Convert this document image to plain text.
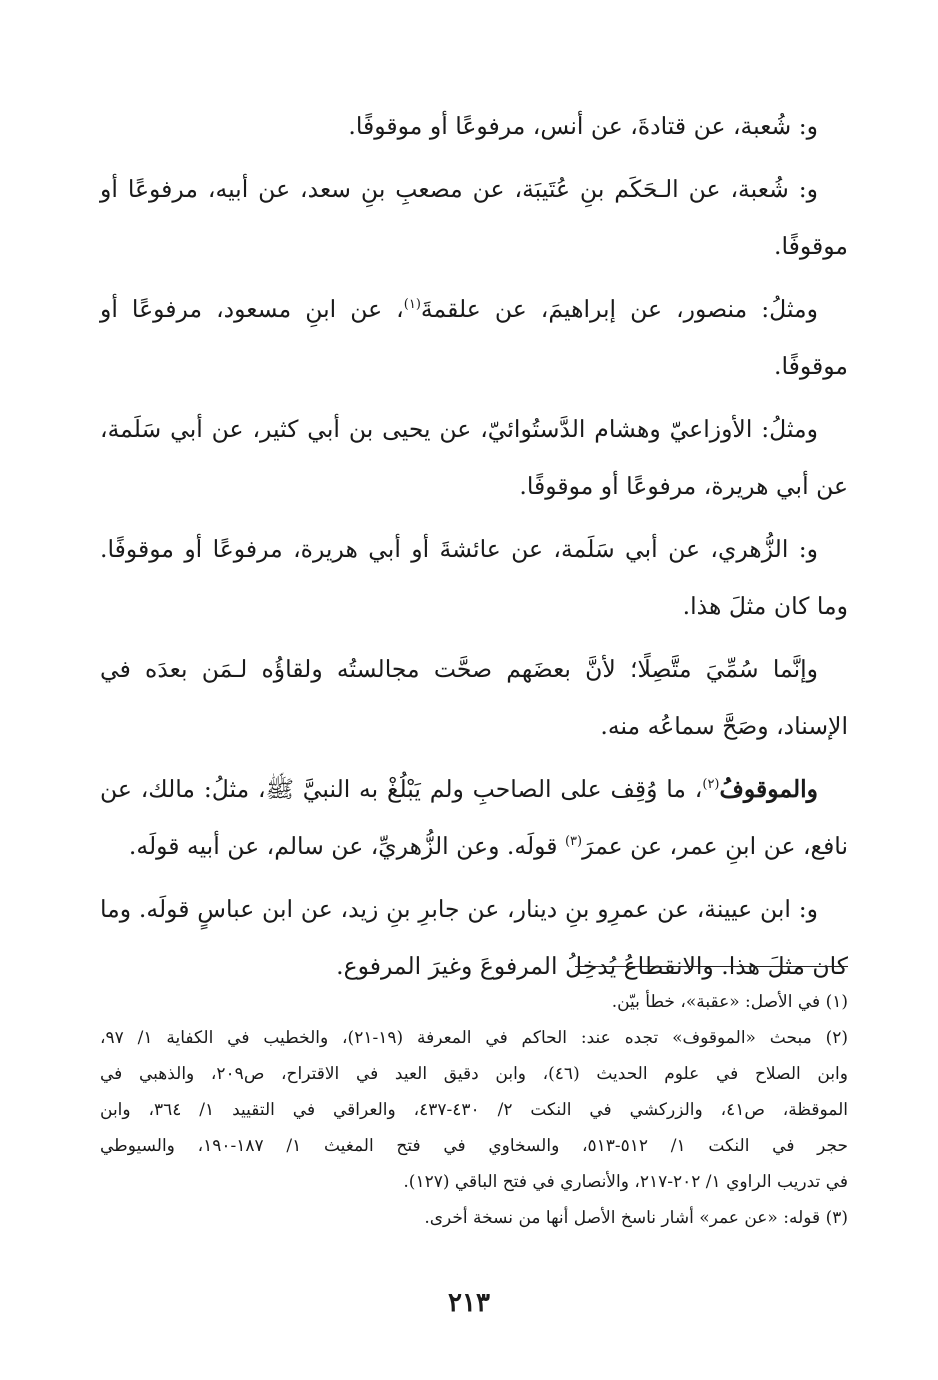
و: شُعبة، عن قتادةَ، عن أنس، مرفوعًا أو موقوفًا.

و: شُعبة، عن الـحَكَم بنِ عُتَيبَة، عن مصعبِ بنِ سعد، عن أبيه، مرفوعًا أو موقوفًا.

ومثلُ: منصور، عن إبراهيمَ، عن علقمةَ$^{(١)}$، عن ابنِ مسعود، مرفوعًا أو موقوفًا.

ومثلُ: الأوزاعيّ وهشام الدَّستُوائيّ، عن يحيى بن أبي كثير، عن أبي سَلَمة، عن أبي هريرة، مرفوعًا أو موقوفًا.

و: الزُّهري، عن أبي سَلَمة، عن عائشةَ أو أبي هريرة، مرفوعًا أو موقوفًا. وما كان مثلَ هذا.

وإنَّما سُمِّيَ متَّصِلًا؛ لأنَّ بعضَهم صحَّت مجالستُه ولقاؤُه لـمَن بعدَه في الإسناد، وصَحَّ سماعُه منه.

والموقوفُ$^{(٢)}$، ما وُقِف على الصاحبِ ولم يَبْلُغْ به النبيَّ ﷺ، مثلُ: مالك، عن نافع، عن ابنِ عمر، عن عمرَ$^{(٣)}$ قولَه. وعن الزُّهريِّ، عن سالم، عن أبيه قولَه.

و: ابن عيينة، عن عمرِو بنِ دينار، عن جابرِ بنِ زيد، عن ابن عباسٍ قولَه. وما كان مثلَ هذا. والانقطاعُ يُدخِلُ المرفوعَ وغيرَ المرفوع.

(١) في الأصل: «عقبة»، خطأ بيّن.
(٢) مبحث «الموقوف» تجده عند: الحاكم في المعرفة (١٩-٢١)، والخطيب في الكفاية ١/ ٩٧،
وابن الصلاح في علوم الحديث (٤٦)، وابن دقيق العيد في الاقتراح، ص٢٠٩، والذهبي في
الموقظة، ص٤١، والزركشي في النكت ٢/ ٤٣٠-٤٣٧، والعراقي في التقييد ١/ ٣٦٤، وابن
حجر في النكت ١/ ٥١٢-٥١٣، والسخاوي في فتح المغيث ١/ ١٨٧-١٩٠، والسيوطي
في تدريب الراوي ١/ ٢٠٢-٢١٧، والأنصاري في فتح الباقي (١٢٧).
(٣) قوله: «عن عمر» أشار ناسخ الأصل أنها من نسخة أخرى.
٢١٣
